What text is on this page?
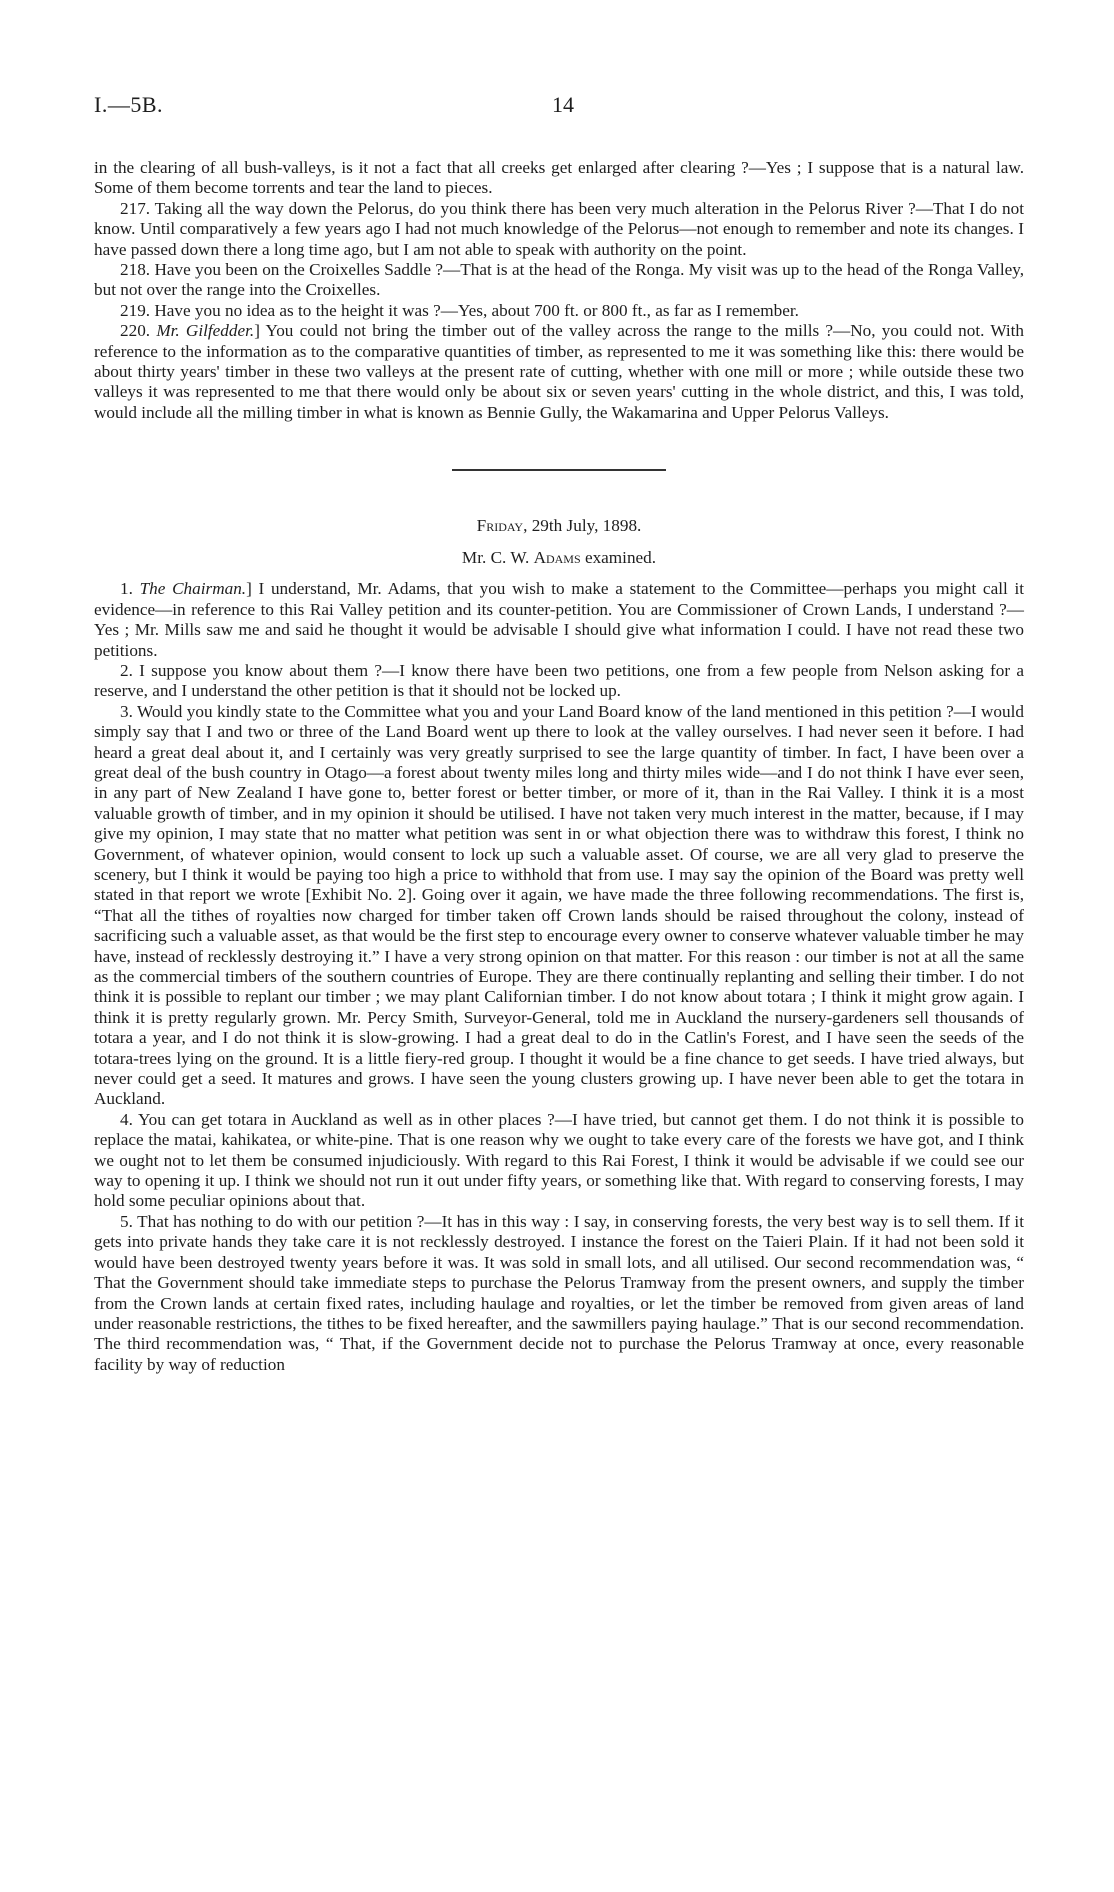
I.—5B.	14

in the clearing of all bush-valleys, is it not a fact that all creeks get enlarged after clearing ?—Yes ; I suppose that is a natural law. Some of them become torrents and tear the land to pieces.

217. Taking all the way down the Pelorus, do you think there has been very much alteration in the Pelorus River ?—That I do not know. Until comparatively a few years ago I had not much knowledge of the Pelorus—not enough to remember and note its changes. I have passed down there a long time ago, but I am not able to speak with authority on the point.

218. Have you been on the Croixelles Saddle ?—That is at the head of the Ronga. My visit was up to the head of the Ronga Valley, but not over the range into the Croixelles.

219. Have you no idea as to the height it was ?—Yes, about 700 ft. or 800 ft., as far as I remember.

220. Mr. Gilfedder.] You could not bring the timber out of the valley across the range to the mills ?—No, you could not. With reference to the information as to the comparative quantities of timber, as represented to me it was something like this: there would be about thirty years' timber in these two valleys at the present rate of cutting, whether with one mill or more ; while outside these two valleys it was represented to me that there would only be about six or seven years' cutting in the whole district, and this, I was told, would include all the milling timber in what is known as Bennie Gully, the Wakamarina and Upper Pelorus Valleys.

Friday, 29th July, 1898.
Mr. C. W. Adams examined.

1. The Chairman.] I understand, Mr. Adams, that you wish to make a statement to the Committee—perhaps you might call it evidence—in reference to this Rai Valley petition and its counter-petition. You are Commissioner of Crown Lands, I understand ?—Yes ; Mr. Mills saw me and said he thought it would be advisable I should give what information I could. I have not read these two petitions.

2. I suppose you know about them ?—I know there have been two petitions, one from a few people from Nelson asking for a reserve, and I understand the other petition is that it should not be locked up.

3. Would you kindly state to the Committee what you and your Land Board know of the land mentioned in this petition ?—I would simply say that I and two or three of the Land Board went up there to look at the valley ourselves. I had never seen it before. I had heard a great deal about it, and I certainly was very greatly surprised to see the large quantity of timber. In fact, I have been over a great deal of the bush country in Otago—a forest about twenty miles long and thirty miles wide—and I do not think I have ever seen, in any part of New Zealand I have gone to, better forest or better timber, or more of it, than in the Rai Valley. I think it is a most valuable growth of timber, and in my opinion it should be utilised. I have not taken very much interest in the matter, because, if I may give my opinion, I may state that no matter what petition was sent in or what objection there was to withdraw this forest, I think no Government, of whatever opinion, would consent to lock up such a valuable asset. Of course, we are all very glad to preserve the scenery, but I think it would be paying too high a price to withhold that from use. I may say the opinion of the Board was pretty well stated in that report we wrote [Exhibit No. 2]. Going over it again, we have made the three following recommendations. The first is, “That all the tithes of royalties now charged for timber taken off Crown lands should be raised throughout the colony, instead of sacrificing such a valuable asset, as that would be the first step to encourage every owner to conserve whatever valuable timber he may have, instead of recklessly destroying it.” I have a very strong opinion on that matter. For this reason : our timber is not at all the same as the commercial timbers of the southern countries of Europe. They are there continually replanting and selling their timber. I do not think it is possible to replant our timber ; we may plant Californian timber. I do not know about totara ; I think it might grow again. I think it is pretty regularly grown. Mr. Percy Smith, Surveyor-General, told me in Auckland the nursery-gardeners sell thousands of totara a year, and I do not think it is slow-growing. I had a great deal to do in the Catlin's Forest, and I have seen the seeds of the totara-trees lying on the ground. It is a little fiery-red group. I thought it would be a fine chance to get seeds. I have tried always, but never could get a seed. It matures and grows. I have seen the young clusters growing up. I have never been able to get the totara in Auckland.

4. You can get totara in Auckland as well as in other places ?—I have tried, but cannot get them. I do not think it is possible to replace the matai, kahikatea, or white-pine. That is one reason why we ought to take every care of the forests we have got, and I think we ought not to let them be consumed injudiciously. With regard to this Rai Forest, I think it would be advisable if we could see our way to opening it up. I think we should not run it out under fifty years, or something like that. With regard to conserving forests, I may hold some peculiar opinions about that.

5. That has nothing to do with our petition ?—It has in this way : I say, in conserving forests, the very best way is to sell them. If it gets into private hands they take care it is not recklessly destroyed. I instance the forest on the Taieri Plain. If it had not been sold it would have been destroyed twenty years before it was. It was sold in small lots, and all utilised. Our second recommendation was, “ That the Government should take immediate steps to purchase the Pelorus Tramway from the present owners, and supply the timber from the Crown lands at certain fixed rates, including haulage and royalties, or let the timber be removed from given areas of land under reasonable restrictions, the tithes to be fixed hereafter, and the sawmillers paying haulage.” That is our second recommendation. The third recommendation was, “ That, if the Government decide not to purchase the Pelorus Tramway at once, every reasonable facility by way of reduction
